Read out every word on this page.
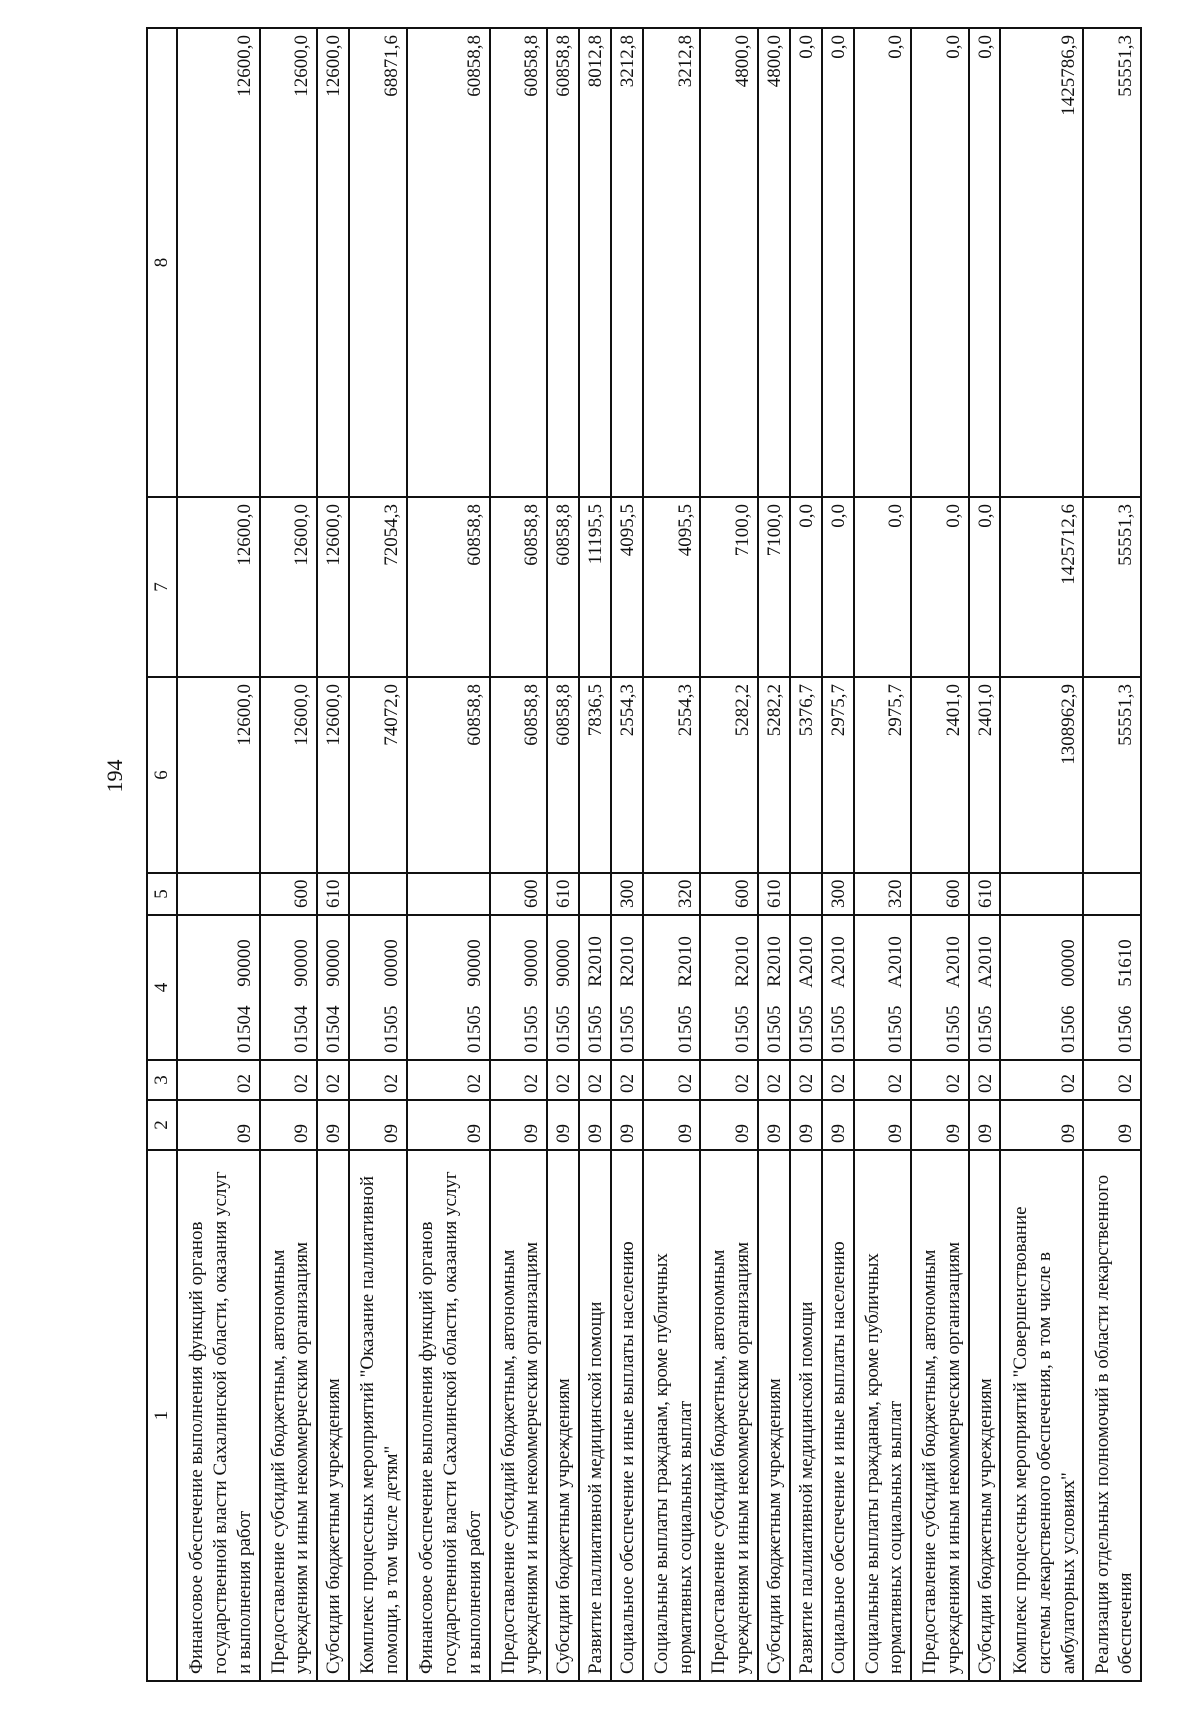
194
1	2	3	4	5	6	7	8
Финансовое обеспечение выполнения функций органов государственной власти Сахалинской области, оказания услуг и выполнения работ	09	02	01504 90000		12600,0	12600,0	12600,0
Предоставление субсидий бюджетным, автономным учреждениям и иным некоммерческим организациям	09	02	01504 90000	600	12600,0	12600,0	12600,0
Субсидии бюджетным учреждениям	09	02	01504 90000	610	12600,0	12600,0	12600,0
Комплекс процессных мероприятий "Оказание паллиативной помощи, в том числе детям"	09	02	01505 00000		74072,0	72054,3	68871,6
Финансовое обеспечение выполнения функций органов государственной власти Сахалинской области, оказания услуг и выполнения работ	09	02	01505 90000		60858,8	60858,8	60858,8
Предоставление субсидий бюджетным, автономным учреждениям и иным некоммерческим организациям	09	02	01505 90000	600	60858,8	60858,8	60858,8
Субсидии бюджетным учреждениям	09	02	01505 90000	610	60858,8	60858,8	60858,8
Развитие паллиативной медицинской помощи	09	02	01505 R2010		7836,5	11195,5	8012,8
Социальное обеспечение и иные выплаты населению	09	02	01505 R2010	300	2554,3	4095,5	3212,8
Социальные выплаты гражданам, кроме публичных нормативных социальных выплат	09	02	01505 R2010	320	2554,3	4095,5	3212,8
Предоставление субсидий бюджетным, автономным учреждениям и иным некоммерческим организациям	09	02	01505 R2010	600	5282,2	7100,0	4800,0
Субсидии бюджетным учреждениям	09	02	01505 R2010	610	5282,2	7100,0	4800,0
Развитие паллиативной медицинской помощи	09	02	01505 A2010		5376,7	0,0	0,0
Социальное обеспечение и иные выплаты населению	09	02	01505 A2010	300	2975,7	0,0	0,0
Социальные выплаты гражданам, кроме публичных нормативных социальных выплат	09	02	01505 A2010	320	2975,7	0,0	0,0
Предоставление субсидий бюджетным, автономным учреждениям и иным некоммерческим организациям	09	02	01505 A2010	600	2401,0	0,0	0,0
Субсидии бюджетным учреждениям	09	02	01505 A2010	610	2401,0	0,0	0,0
Комплекс процессных мероприятий "Совершенствование системы лекарственного обеспечения, в том числе в амбулаторных условиях"	09	02	01506 00000		1308962,9	1425712,6	1425786,9
Реализация отдельных полномочий в области лекарственного обеспечения	09	02	01506 51610		55551,3	55551,3	55551,3
